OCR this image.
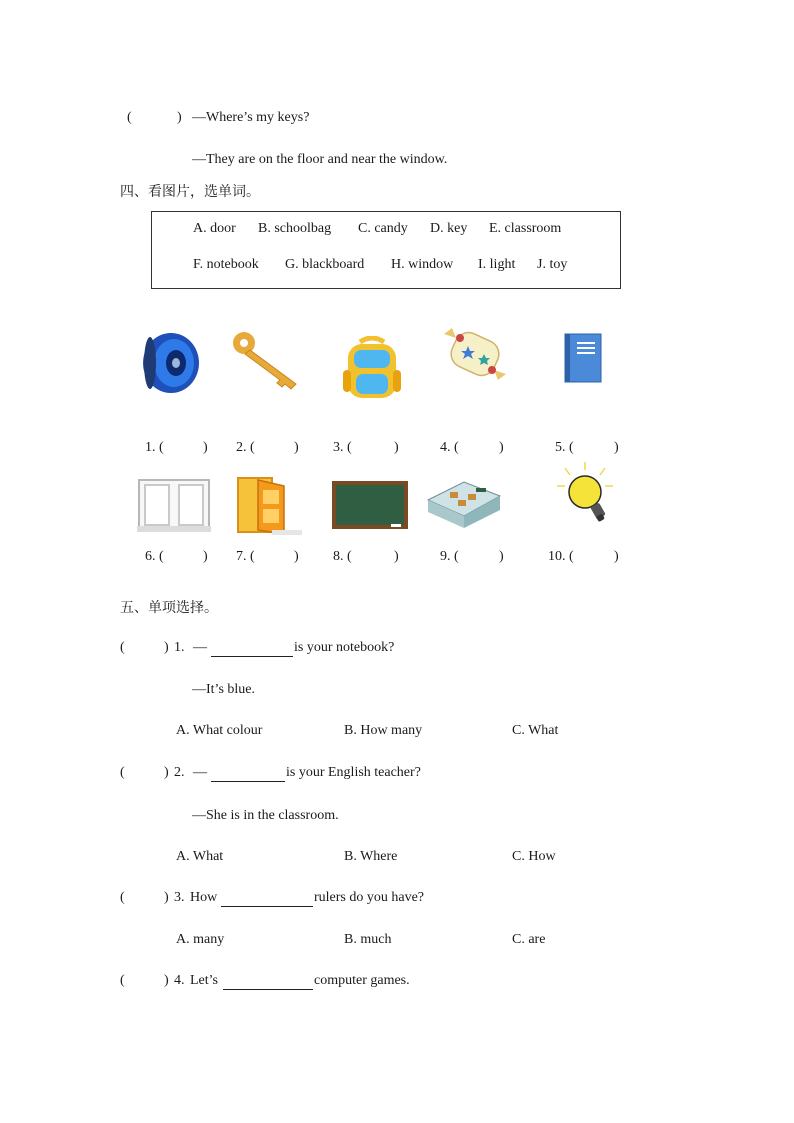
(	) —Where’s my keys?
—They are on the floor and near the window.
四、看图片，选单词。
A. door B. schoolbag C. candy D. key E. classroom
F. notebook G. blackboard H. window I. light J. toy
1. (	) 2. (	) 3. (	)	4. (	)	5. (	)
6. (	) 7. (	) 8. (	)	9. (	)	10. (	)
五、单项选择。
(	) 1. —	is your notebook?
—It’s blue.
A. What colour	B. How many	C. What
(	) 2. —	is your English teacher?
—She is in the classroom.
A. What	B. Where	C. How
(	) 3. How	rulers do you have?
A. many	B. much	C. are
(	) 4. Let’s	computer games.
